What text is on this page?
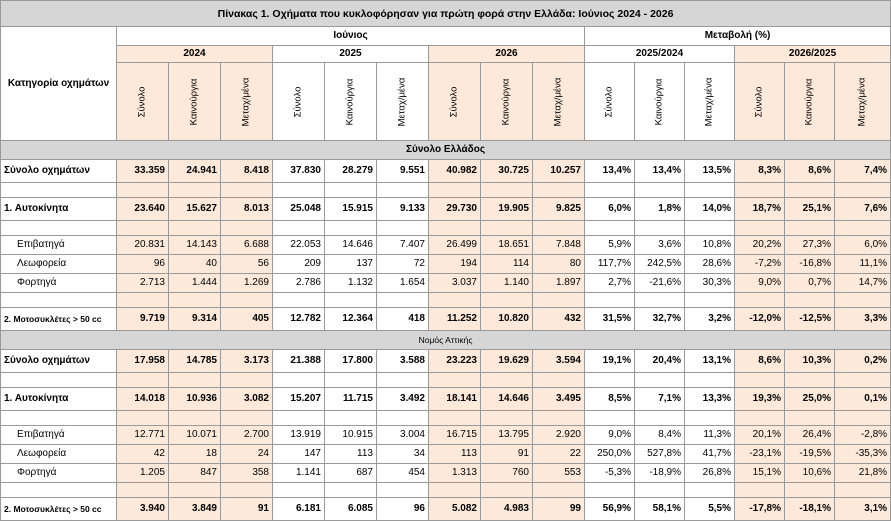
Πίνακας 1. Οχήματα που κυκλοφόρησαν για πρώτη φορά στην Ελλάδα: Ιούνιος 2024 - 2026															
Κατηγορία οχημάτων	Ιούνιος									Μεταβολή (%)					
	2024			2025			2026			2025/2024			2026/2025		
	Σύνολο	Καινούργια	Μεταχ/μένα	Σύνολο	Καινούργια	Μεταχ/μένα	Σύνολο	Καινούργια	Μεταχ/μένα	Σύνολο	Καινούργια	Μεταχ/μένα	Σύνολο	Καινούργια	Μεταχ/μένα
Σύνολο Ελλάδος															
Σύνολο οχημάτων	33.359	24.941	8.418	37.830	28.279	9.551	40.982	30.725	10.257	13,4%	13,4%	13,5%	8,3%	8,6%	7,4%

1. Αυτοκίνητα	23.640	15.627	8.013	25.048	15.915	9.133	29.730	19.905	9.825	6,0%	1,8%	14,0%	18,7%	25,1%	7,6%

Επιβατηγά	20.831	14.143	6.688	22.053	14.646	7.407	26.499	18.651	7.848	5,9%	3,6%	10,8%	20,2%	27,3%	6,0%
Λεωφορεία	96	40	56	209	137	72	194	114	80	117,7%	242,5%	28,6%	-7,2%	-16,8%	11,1%
Φορτηγά	2.713	1.444	1.269	2.786	1.132	1.654	3.037	1.140	1.897	2,7%	-21,6%	30,3%	9,0%	0,7%	14,7%

2. Μοτοσυκλέτες > 50 cc	9.719	9.314	405	12.782	12.364	418	11.252	10.820	432	31,5%	32,7%	3,2%	-12,0%	-12,5%	3,3%
Νομός Αττικής															
Σύνολο οχημάτων	17.958	14.785	3.173	21.388	17.800	3.588	23.223	19.629	3.594	19,1%	20,4%	13,1%	8,6%	10,3%	0,2%

1. Αυτοκίνητα	14.018	10.936	3.082	15.207	11.715	3.492	18.141	14.646	3.495	8,5%	7,1%	13,3%	19,3%	25,0%	0,1%

Επιβατηγά	12.771	10.071	2.700	13.919	10.915	3.004	16.715	13.795	2.920	9,0%	8,4%	11,3%	20,1%	26,4%	-2,8%
Λεωφορεία	42	18	24	147	113	34	113	91	22	250,0%	527,8%	41,7%	-23,1%	-19,5%	-35,3%
Φορτηγά	1.205	847	358	1.141	687	454	1.313	760	553	-5,3%	-18,9%	26,8%	15,1%	10,6%	21,8%

2. Μοτοσυκλέτες > 50 cc	3.940	3.849	91	6.181	6.085	96	5.082	4.983	99	56,9%	58,1%	5,5%	-17,8%	-18,1%	3,1%
